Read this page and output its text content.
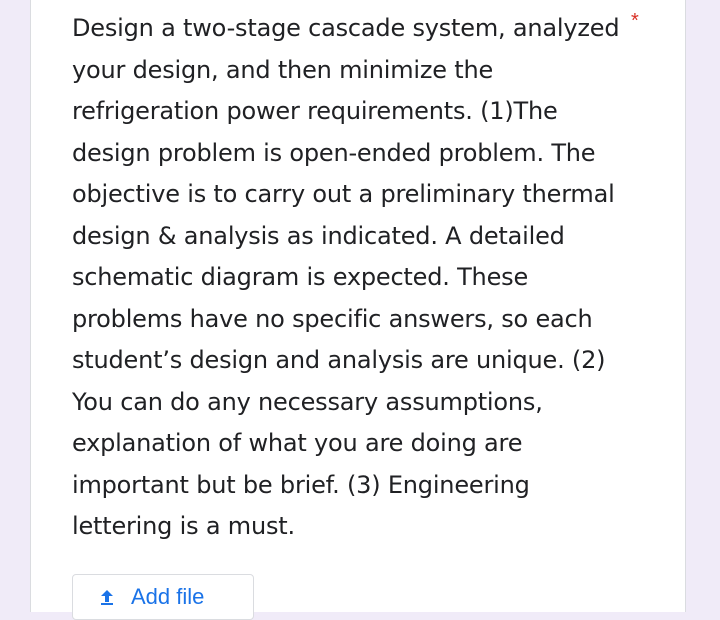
Design a two-stage cascade system, analyzed your design, and then minimize the refrigeration power requirements. (1)The design problem is open-ended problem. The objective is to carry out a preliminary thermal design & analysis as indicated. A detailed schematic diagram is expected. These problems have no specific answers, so each student’s design and analysis are unique. (2) You can do any necessary assumptions, explanation of what you are doing are important but be brief. (3) Engineering lettering is a must.

*
Add file
